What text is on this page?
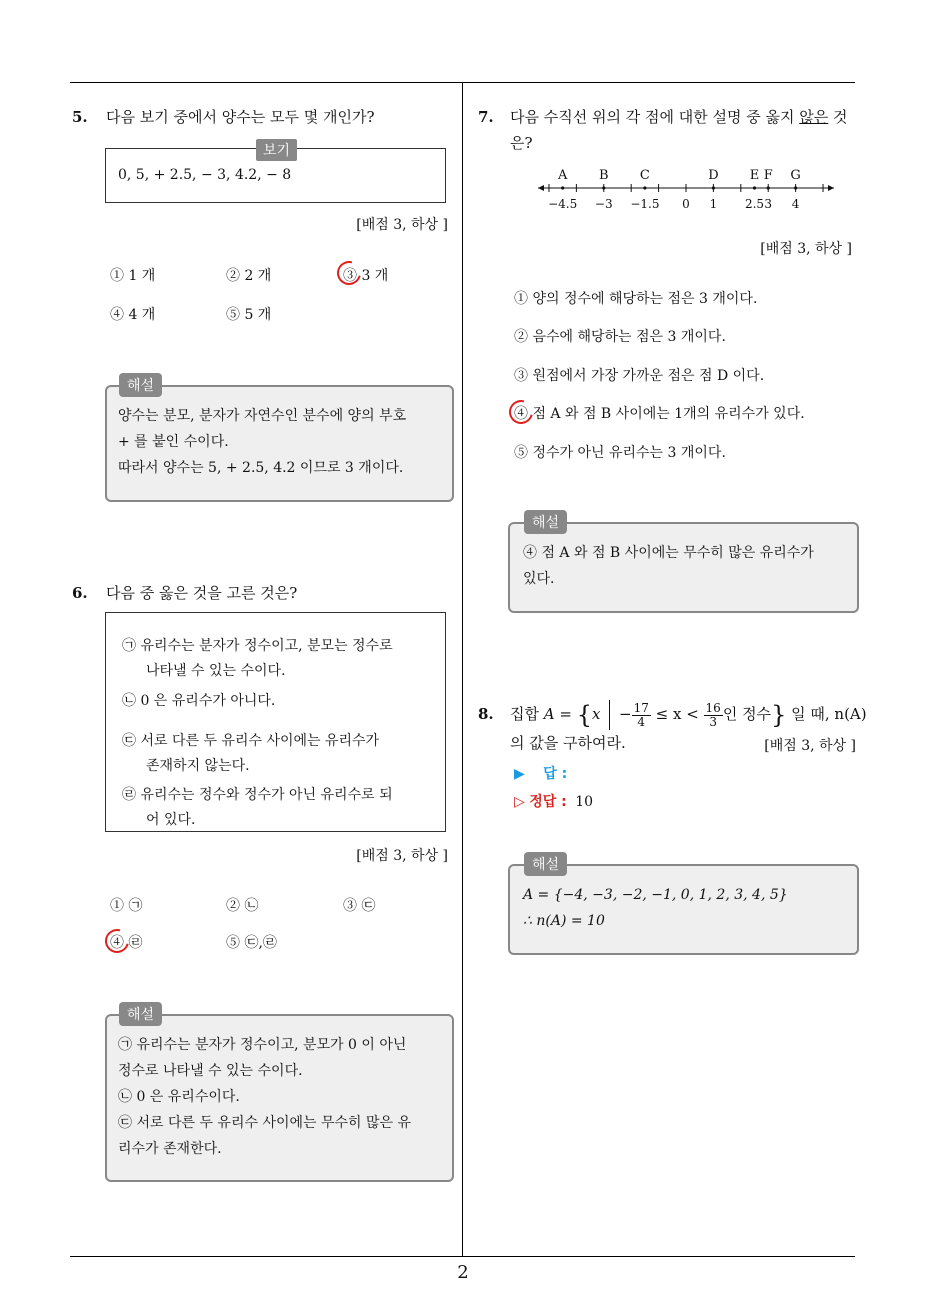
2
5. 다음 보기 중에서 양수는 모두 몇 개인가?
보기
0, 5, + 2.5, − 3, 4.2, − 8
[배점 3, 하상 ]
① 1 개	② 2 개	③ 3 개
④ 4 개	⑤ 5 개
해설
양수는 분모, 분자가 자연수인 분수에 양의 부호
+ 를 붙인 수이다.
따라서 양수는 5, + 2.5, 4.2 이므로 3 개이다.
6. 다음 중 옳은 것을 고른 것은?
㉠ 유리수는 분자가 정수이고, 분모는 정수로
나타낼 수 있는 수이다.
㉡ 0 은 유리수가 아니다.
㉢ 서로 다른 두 유리수 사이에는 유리수가
존재하지 않는다.
㉣ 유리수는 정수와 정수가 아닌 유리수로 되
어 있다.
[배점 3, 하상 ]
① ㉠	② ㉡	③ ㉢
④ ㉣	⑤ ㉢,㉣
해설
㉠ 유리수는 분자가 정수이고, 분모가 0 이 아닌
정수로 나타낼 수 있는 수이다.
㉡ 0 은 유리수이다.
㉢ 서로 다른 두 유리수 사이에는 무수히 많은 유
리수가 존재한다.
7. 다음 수직선 위의 각 점에 대한 설명 중 옳지 않은 것
은?
A B C	D E F G
−4.5 −3 −1.5 0 1 2.5 3 4
[배점 3, 하상 ]
① 양의 정수에 해당하는 점은 3 개이다.
② 음수에 해당하는 점은 3 개이다.
③ 원점에서 가장 가까운 점은 점 D 이다.
④ 점 A 와 점 B 사이에는 1개의 유리수가 있다.
⑤ 정수가 아닌 유리수는 3 개이다.
해설
④ 점 A 와 점 B 사이에는 무수히 많은 유리수가
있다.
8. 집합 $A = \{x - \frac{17}{4} \le x < \frac{16}{3}$ 인 정수} 일 때, n(A)
의 값을 구하여라.	[배점 3, 하상 ]
▶ 답 :
▷ 정답 : 10
해설
A = {−4, −3, −2, −1, 0, 1, 2, 3, 4, 5}
∴ n(A) = 10
